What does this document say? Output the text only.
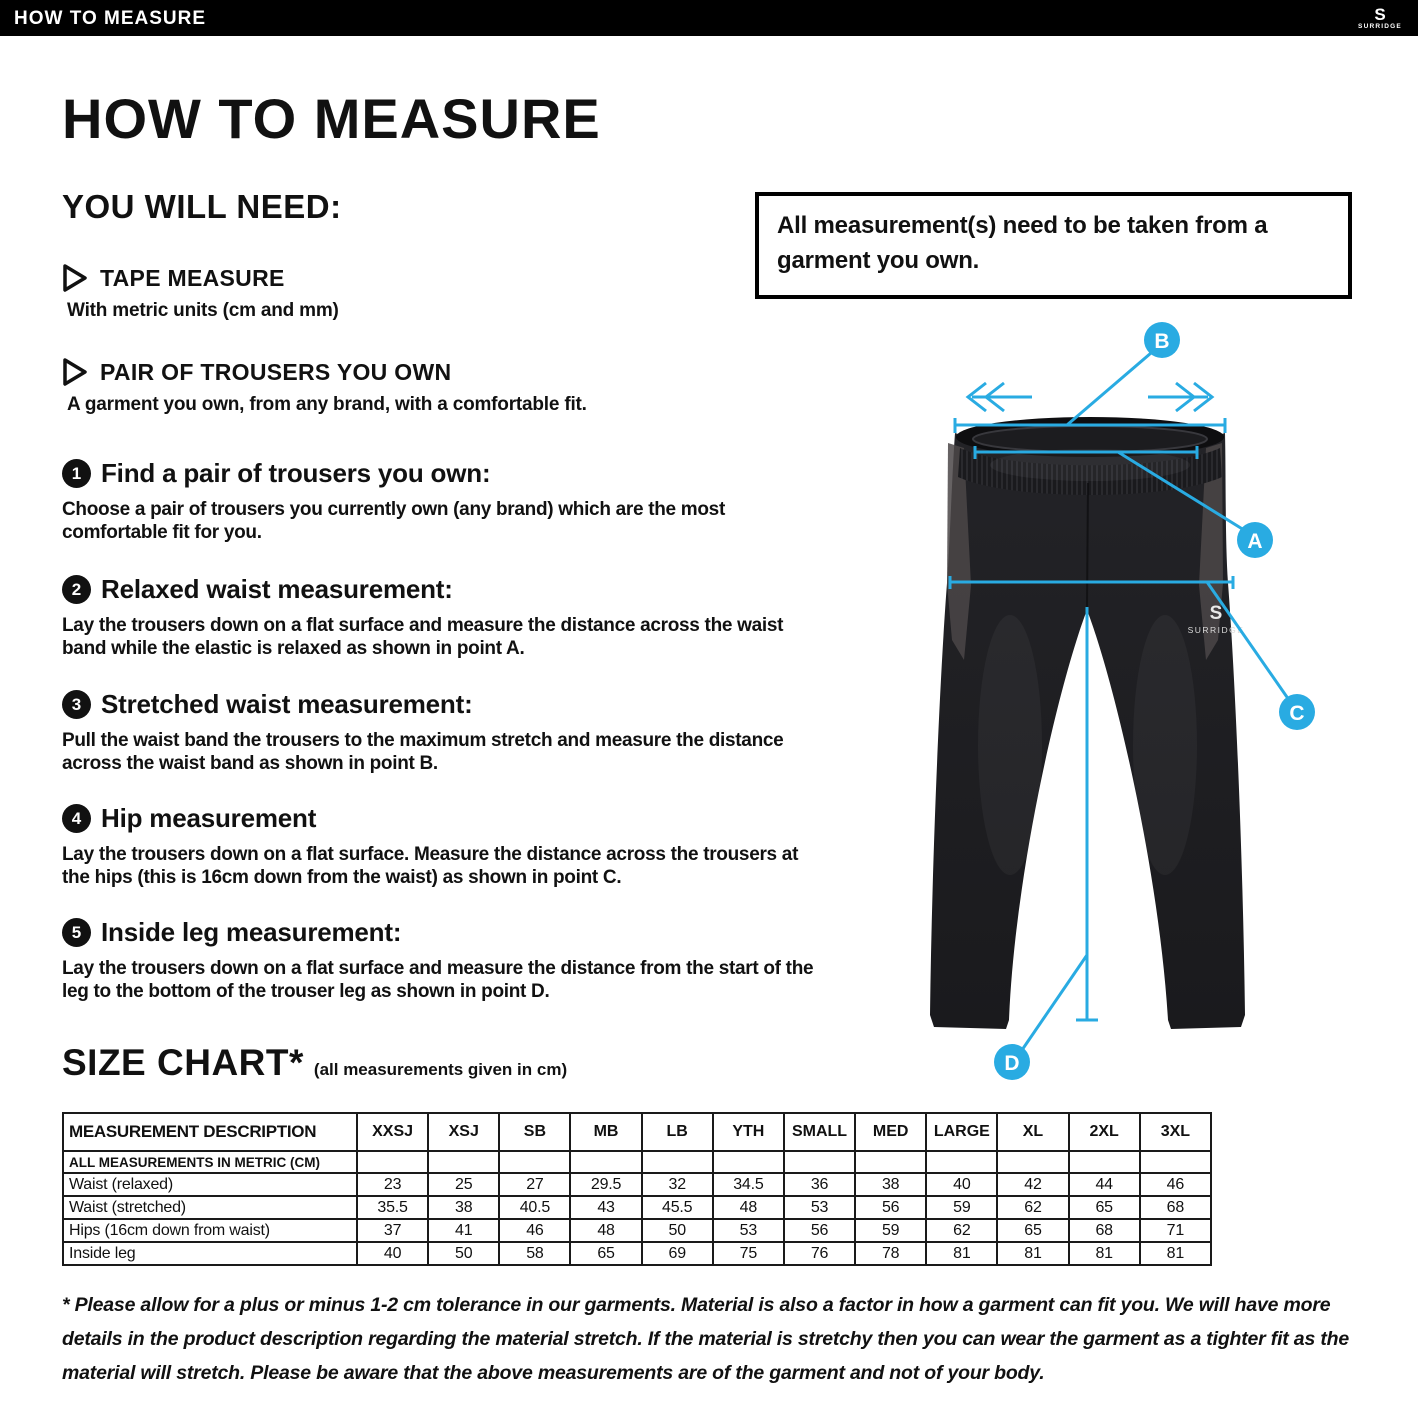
HOW TO MEASURE	S
SURRIDGE
HOW TO MEASURE
YOU WILL NEED:
TAPE MEASURE
With metric units (cm and mm)
PAIR OF TROUSERS YOU OWN
A garment you own, from any brand, with a comfortable fit.
All measurement(s) need to be taken from a garment you own.
1 Find a pair of trousers you own:

Choose a pair of trousers you currently own (any brand) which are the most comfortable fit for you.

2 Relaxed waist measurement:

Lay the trousers down on a flat surface and measure the distance across the waist band while the elastic is relaxed as shown in point A.

3 Stretched waist measurement:

Pull the waist band the trousers to the maximum stretch and measure the distance across the waist band as shown in point B.

4 Hip measurement

Lay the trousers down on a flat surface. Measure the distance across the trousers at the hips (this is 16cm down from the waist) as shown in point C.

5 Inside leg measurement:

Lay the trousers down on a flat surface and measure the distance from the start of the leg to the bottom of the trouser leg as shown in point D.

S
SURRIDGE
B
A
C
D
SIZE CHART* (all measurements given in cm)
MEASUREMENT DESCRIPTION	XXSJ	XSJ	SB	MB	LB	YTH	SMALL	MED	LARGE	XL	2XL	3XL
ALL MEASUREMENTS IN METRIC (CM)												
Waist (relaxed)	23	25	27	29.5	32	34.5	36	38	40	42	44	46
Waist (stretched)	35.5	38	40.5	43	45.5	48	53	56	59	62	65	68
Hips (16cm down from waist)	37	41	46	48	50	53	56	59	62	65	68	71
Inside leg	40	50	58	65	69	75	76	78	81	81	81	81
* Please allow for a plus or minus 1-2 cm tolerance in our garments. Material is also a factor in how a garment can fit you. We will have more details in the product description regarding the material stretch. If the material is stretchy then you can wear the garment as a tighter fit as the material will stretch. Please be aware that the above measurements are of the garment and not of your body.
